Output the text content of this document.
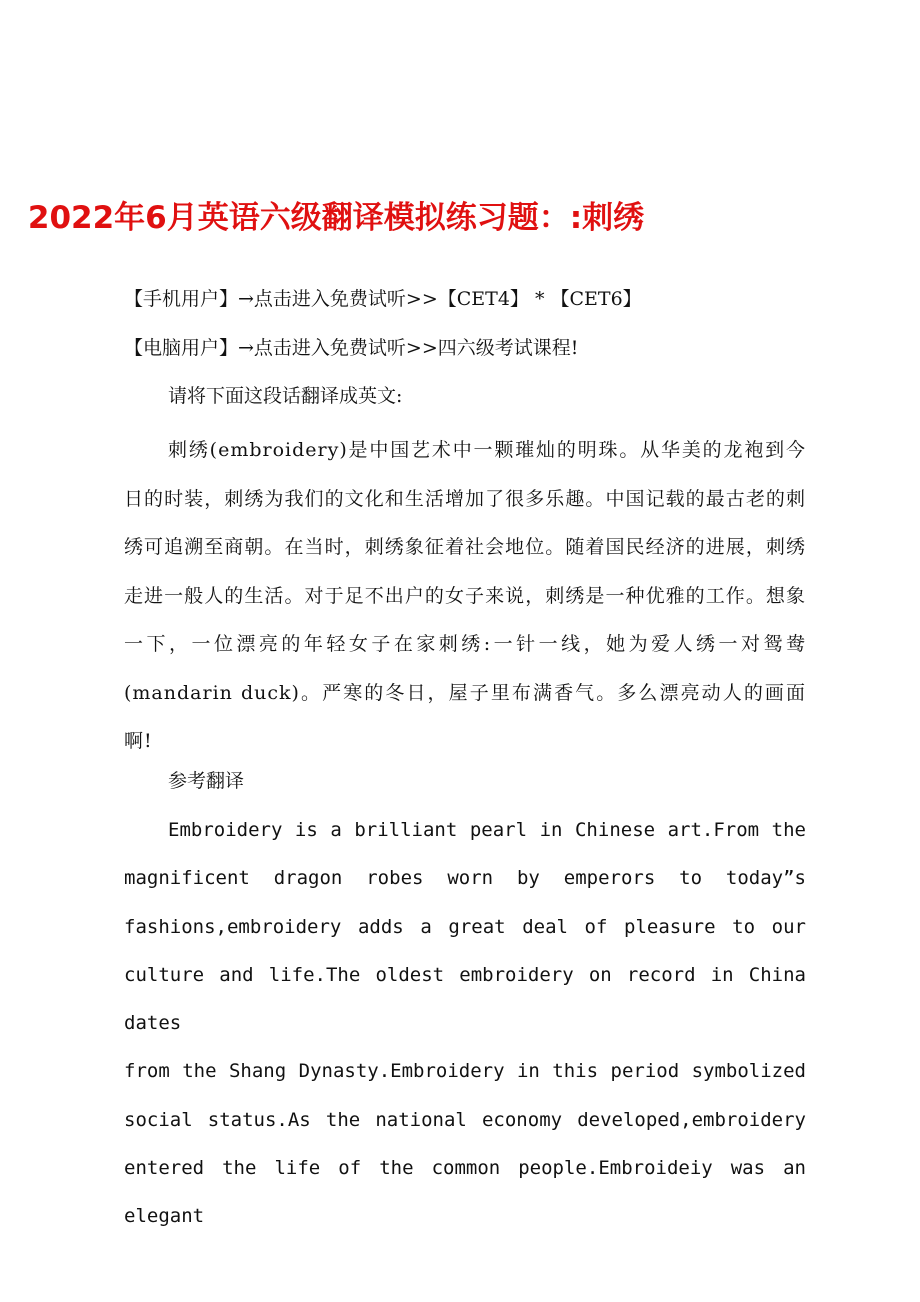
2022年6月英语六级翻译模拟练习题：:刺绣
【手机用户】→点击进入免费试听>>【CET4】 * 【CET6】
【电脑用户】→点击进入免费试听>>四六级考试课程!
请将下面这段话翻译成英文:
刺绣(embroidery)是中国艺术中一颗璀灿的明珠。从华美的龙袍到今日的时装，刺绣为我们的文化和生活增加了很多乐趣。中国记载的最古老的刺绣可追溯至商朝。在当时，刺绣象征着社会地位。随着国民经济的进展，刺绣走进一般人的生活。对于足不出户的女子来说，刺绣是一种优雅的工作。想象一下，一位漂亮的年轻女子在家刺绣:一针一线，她为爱人绣一对鸳鸯(mandarin duck)。严寒的冬日，屋子里布满香气。多么漂亮动人的画面啊!
参考翻译
Embroidery is a brilliant pearl in Chinese art.From the
magnificent dragon robes worn by emperors to today”s
fashions,embroidery adds a great deal of pleasure to our
culture and life.The oldest embroidery on record in China dates
from the Shang Dynasty.Embroidery in this period symbolized
social status.As the national economy developed,embroidery
entered the life of the common people.Embroideiy was an elegant
